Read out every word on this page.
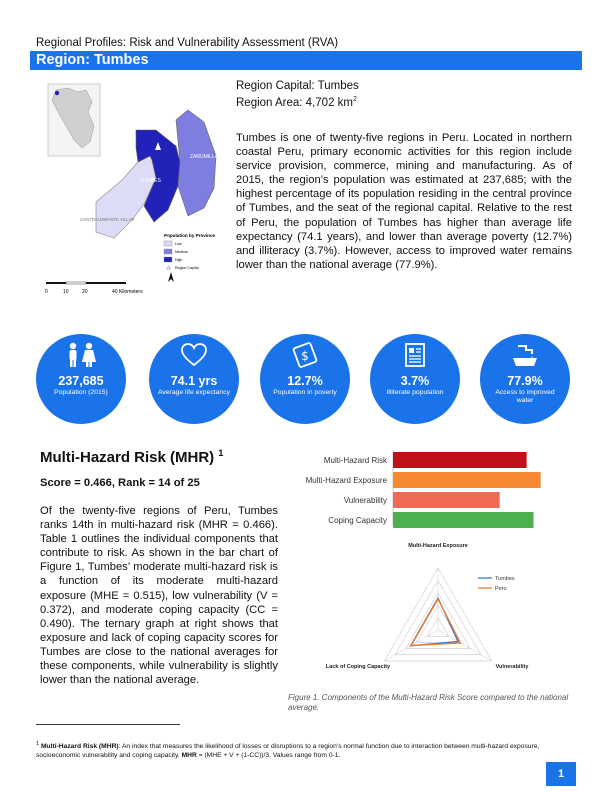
Regional Profiles: Risk and Vulnerability Assessment (RVA)
Region: Tumbes
ZARUMILLA
TUMBES
CONTRALMIRANTE VILLAR
Population by Province
☆
Low
Medium
High
Region Capital
0	10	20	40 Kilometers
Region Capital: Tumbes
Region Area: 4,702 $km^2$
Tumbes is one of twenty-five regions in Peru. Located in northern coastal Peru, primary economic activities for this region include service provision, commerce, mining and manufacturing. As of 2015, the region’s population was estimated at 237,685; with the highest percentage of its population residing in the central province of Tumbes, and the seat of the regional capital. Relative to the rest of Peru, the population of Tumbes has higher than average life expectancy (74.1 years), and lower than average poverty (12.7%) and illiteracy (3.7%). However, access to improved water remains lower than the national average (77.9%).
237,685
Population (2015)
74.1 yrs
Average life expectancy
$
12.7%
Population in poverty
3.7%
Illiterate population
77.9%
Access to improved water
Multi-Hazard Risk (MHR) $^1$
Score = 0.466, Rank = 14 of 25
Of the twenty-five regions of Peru, Tumbes ranks 14th in multi-hazard risk (MHR = 0.466). Table 1 outlines the individual components that contribute to risk. As shown in the bar chart of Figure 1, Tumbes’ moderate multi-hazard risk is a function of its moderate multi-hazard exposure (MHE = 0.515), low vulnerability (V = 0.372), and moderate coping capacity (CC = 0.490). The ternary graph at right shows that exposure and lack of coping capacity scores for Tumbes are close to the national averages for these components, while vulnerability is slightly lower than the national average.
Multi-Hazard Risk
Multi-Hazard Exposure
Vulnerability
Coping Capacity
Tumbes
Peru
Multi-Hazard Exposure
Vulnerability
Lack of Coping Capacity
Figure 1. Components of the Multi-Hazard Risk Score compared to the national average.
$^1$ Multi-Hazard Risk (MHR): An index that measures the likelihood of losses or disruptions to a region’s normal function due to interaction between multi-hazard exposure, socioeconomic vulnerability and coping capacity. MHR = (MHE + V + (1-CC))/3. Values range from 0-1.
1
